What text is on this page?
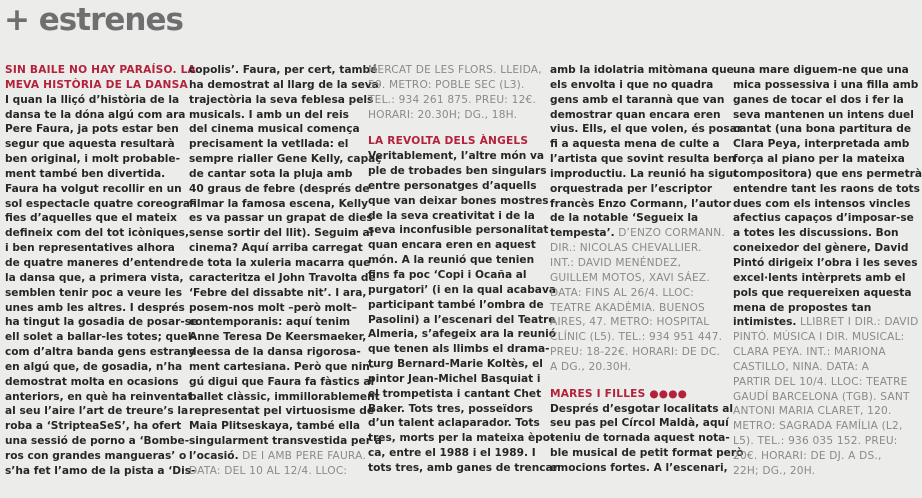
+ estrenes
SIN BAILE NO HAY PARAÍSO. LA
MEVA HISTÒRIA DE LA DANSA
I quan la lliçó d’història de la
dansa te la dóna algú com ara
Pere Faura, ja pots estar ben
segur que aquesta resultarà
ben original, i molt probable-
ment també ben divertida.
Faura ha volgut recollir en un
sol espectacle quatre coreogra-
fies d’aquelles que el mateix
defineix com del tot icòniques,
i ben representatives alhora
de quatre maneres d’entendre
la dansa que, a primera vista,
semblen tenir poc a veure les
unes amb les altres. I després
ha tingut la gosadia de posar-se
ell solet a ballar-les totes; quel-
com d’altra banda gens estrany
en algú que, de gosadia, n’ha
demostrat molta en ocasions
anteriors, en què ha reinventat
al seu l’aire l’art de treure’s la
roba a ‘StripteaSeS’, ha ofert
una sessió de porno a ‘Bombe-
ros con grandes mangueras’ o
s’ha fet l’amo de la pista a ‘Dis-
copolis’. Faura, per cert, també
ha demostrat al llarg de la seva
trajectòria la seva feblesa pels
musicals. I amb un del reis
del cinema musical comença
precisament la vetllada: el
sempre rialler Gene Kelly, capaç
de cantar sota la pluja amb
40 graus de febre (després de
filmar la famosa escena, Kelly
es va passar un grapat de dies
sense sortir del llit). Seguim al
cinema? Aquí arriba carregat
de tota la xuleria macarra que
caracteritza el John Travolta de
‘Febre del dissabte nit’. I ara,
posem-nos molt –però molt–
contemporanis: aquí tenim
Anne Teresa De Keersmaeker,
deessa de la dansa rigorosa-
ment cartesiana. Però que nin-
gú digui que Faura fa fàstics al
ballet clàssic, immillorablement
representat pel virtuosisme de
Maia Plitseskaya, també ella
singularment transvestida per a
l’ocasió. DE I AMB PERE FAURA.
DATA: DEL 10 AL 12/4. LLOC:
MERCAT DE LES FLORS. LLEIDA,
59. METRO: POBLE SEC (L3).
TEL.: 934 261 875. PREU: 12€.
HORARI: 20.30H; DG., 18H.
LA REVOLTA DELS ÀNGELS
Veritablement, l’altre món va
ple de trobades ben singulars
entre personatges d’aquells
que van deixar bones mostres
de la seva creativitat i de la
seva inconfusible personalitat
quan encara eren en aquest
món. A la reunió que tenien
fins fa poc ‘Copi i Ocaña al
purgatori’ (i en la qual acabava
participant també l’ombra de
Pasolini) a l’escenari del Teatre
Almeria, s’afegeix ara la reunió
que tenen als llimbs el drama-
turg Bernard-Marie Koltès, el
pintor Jean-Michel Basquiat i
el trompetista i cantant Chet
Baker. Tots tres, posseïdors
d’un talent aclaparador. Tots
tres, morts per la mateixa èpo-
ca, entre el 1988 i el 1989. I
tots tres, amb ganes de trencar
amb la idolatria mitòmana que
els envolta i que no quadra
gens amb el tarannà que van
demostrar quan encara eren
vius. Ells, el que volen, és posar
fi a aquesta mena de culte a
l’artista que sovint resulta ben
improductiu. La reunió ha sigut
orquestrada per l’escriptor
francès Enzo Cormann, l’autor
de la notable ‘Segueix la
tempesta’. D’ENZO CORMANN.
DIR.: NICOLAS CHEVALLIER.
INT.: DAVID MENÉNDEZ,
GUILLEM MOTOS, XAVI SÁEZ.
DATA: FINS AL 26/4. LLOC:
TEATRE AKADÈMIA. BUENOS
AIRES, 47. METRO: HOSPITAL
CLÍNIC (L5). TEL.: 934 951 447.
PREU: 18-22€. HORARI: DE DC.
A DG., 20.30H.
MARES I FILLES ●●●●
Després d’esgotar localitats al
seu pas pel Círcol Maldà, aquí
teniu de tornada aquest nota-
ble musical de petit format però
emocions fortes. A l’escenari,
una mare diguem-ne que una
mica possessiva i una filla amb
ganes de tocar el dos i fer la
seva mantenen un intens duel
cantat (una bona partitura de
Clara Peya, interpretada amb
força al piano per la mateixa
compositora) que ens permetrà
entendre tant les raons de tots
dues com els intensos vincles
afectius capaços d’imposar-se
a totes les discussions. Bon
coneixedor del gènere, David
Pintó dirigeix l’obra i les seves
excel·lents intèrprets amb el
pols que requereixen aquesta
mena de propostes tan
intimistes. LLIBRET I DIR.: DAVID
PINTÓ. MÚSICA I DIR. MUSICAL:
CLARA PEYA. INT.: MARIONA
CASTILLO, NINA. DATA: A
PARTIR DEL 10/4. LLOC: TEATRE
GAUDÍ BARCELONA (TGB). SANT
ANTONI MARIA CLARET, 120.
METRO: SAGRADA FAMÍLIA (L2,
L5). TEL.: 936 035 152. PREU:
20€. HORARI: DE DJ. A DS.,
22H; DG., 20H.
